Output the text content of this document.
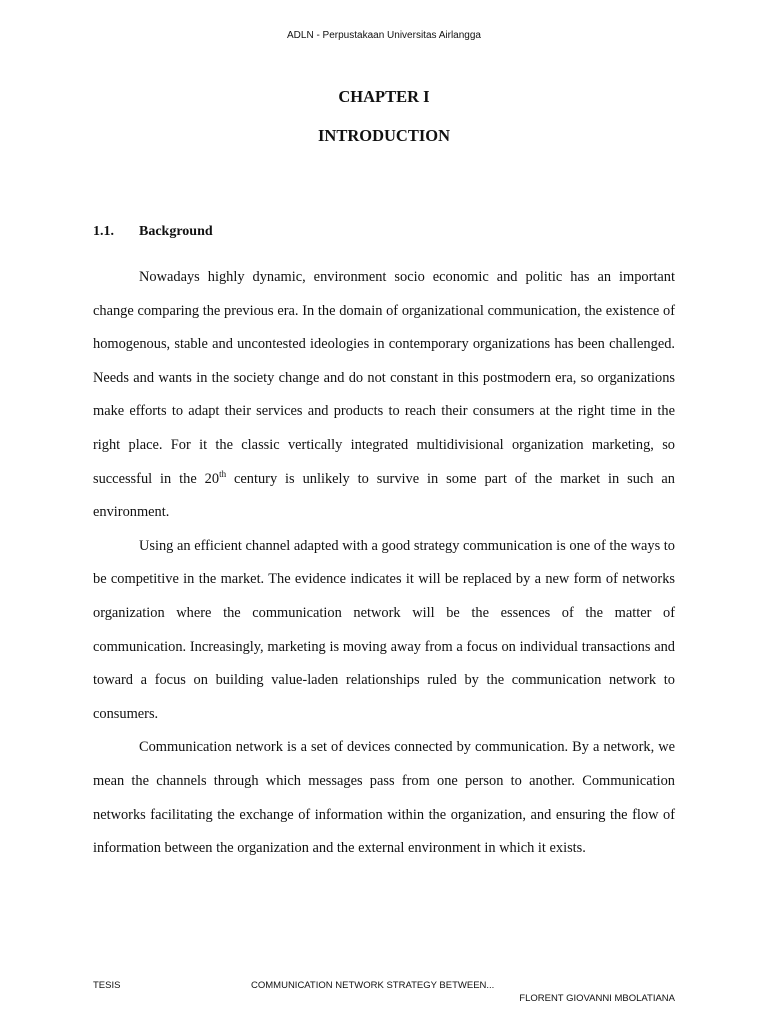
ADLN - Perpustakaan Universitas Airlangga
CHAPTER I
INTRODUCTION
1.1. Background

Nowadays highly dynamic, environment socio economic and politic has an important change comparing the previous era. In the domain of organizational communication, the existence of homogenous, stable and uncontested ideologies in contemporary organizations has been challenged. Needs and wants in the society change and do not constant in this postmodern era, so organizations make efforts to adapt their services and products to reach their consumers at the right time in the right place. For it the classic vertically integrated multidivisional organization marketing, so successful in the 20th century is unlikely to survive in some part of the market in such an environment.

Using an efficient channel adapted with a good strategy communication is one of the ways to be competitive in the market. The evidence indicates it will be replaced by a new form of networks organization where the communication network will be the essences of the matter of communication. Increasingly, marketing is moving away from a focus on individual transactions and toward a focus on building value-laden relationships ruled by the communication network to consumers.

Communication network is a set of devices connected by communication. By a network, we mean the channels through which messages pass from one person to another. Communication networks facilitating the exchange of information within the organization, and ensuring the flow of information between the organization and the external environment in which it exists.

TESIS	COMMUNICATION NETWORK STRATEGY BETWEEN...
FLORENT GIOVANNI MBOLATIANA
